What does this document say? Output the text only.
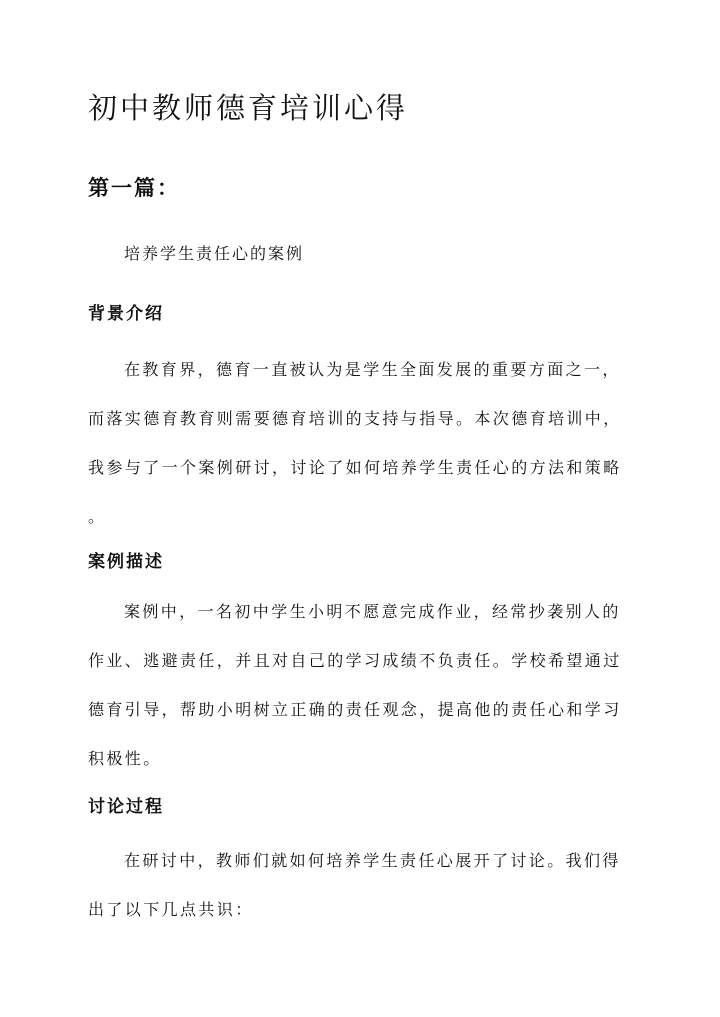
初中教师德育培训心得
第一篇：

培养学生责任心的案例

背景介绍
在教育界，德育一直被认为是学生全面发展的重要方面之一，
而落实德育教育则需要德育培训的支持与指导。本次德育培训中，
我参与了一个案例研讨，讨论了如何培养学生责任心的方法和策略
。
案例描述
案例中，一名初中学生小明不愿意完成作业，经常抄袭别人的
作业、逃避责任，并且对自己的学习成绩不负责任。学校希望通过
德育引导，帮助小明树立正确的责任观念，提高他的责任心和学习
积极性。
讨论过程
在研讨中，教师们就如何培养学生责任心展开了讨论。我们得
出了以下几点共识：
